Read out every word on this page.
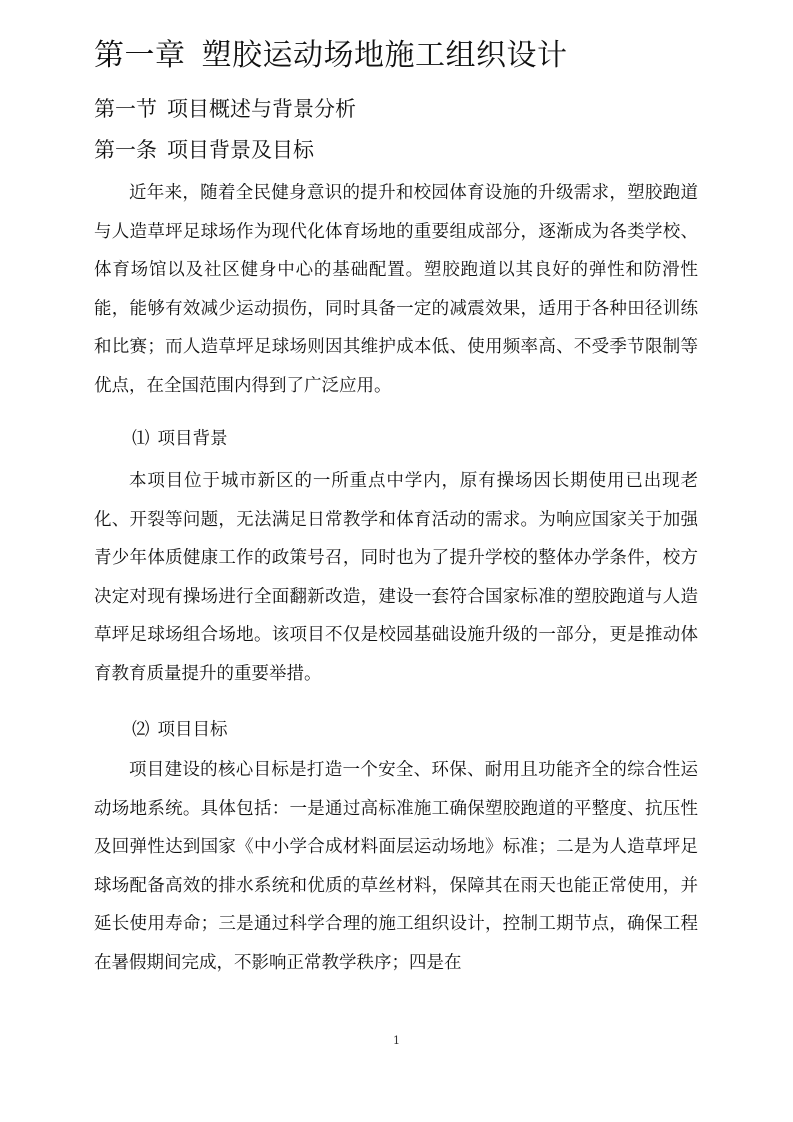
第一章 塑胶运动场地施工组织设计
第一节 项目概述与背景分析
第一条 项目背景及目标

近年来，随着全民健身意识的提升和校园体育设施的升级需求，塑胶跑道与人造草坪足球场作为现代化体育场地的重要组成部分，逐渐成为各类学校、体育场馆以及社区健身中心的基础配置。塑胶跑道以其良好的弹性和防滑性能，能够有效减少运动损伤，同时具备一定的减震效果，适用于各种田径训练和比赛；而人造草坪足球场则因其维护成本低、使用频率高、不受季节限制等优点，在全国范围内得到了广泛应用。

⑴ 项目背景

本项目位于城市新区的一所重点中学内，原有操场因长期使用已出现老化、开裂等问题，无法满足日常教学和体育活动的需求。为响应国家关于加强青少年体质健康工作的政策号召，同时也为了提升学校的整体办学条件，校方决定对现有操场进行全面翻新改造，建设一套符合国家标准的塑胶跑道与人造草坪足球场组合场地。该项目不仅是校园基础设施升级的一部分，更是推动体育教育质量提升的重要举措。

⑵ 项目目标

项目建设的核心目标是打造一个安全、环保、耐用且功能齐全的综合性运动场地系统。具体包括：一是通过高标准施工确保塑胶跑道的平整度、抗压性及回弹性达到国家《中小学合成材料面层运动场地》标准；二是为人造草坪足球场配备高效的排水系统和优质的草丝材料，保障其在雨天也能正常使用，并延长使用寿命；三是通过科学合理的施工组织设计，控制工期节点，确保工程在暑假期间完成，不影响正常教学秩序；四是在

1
